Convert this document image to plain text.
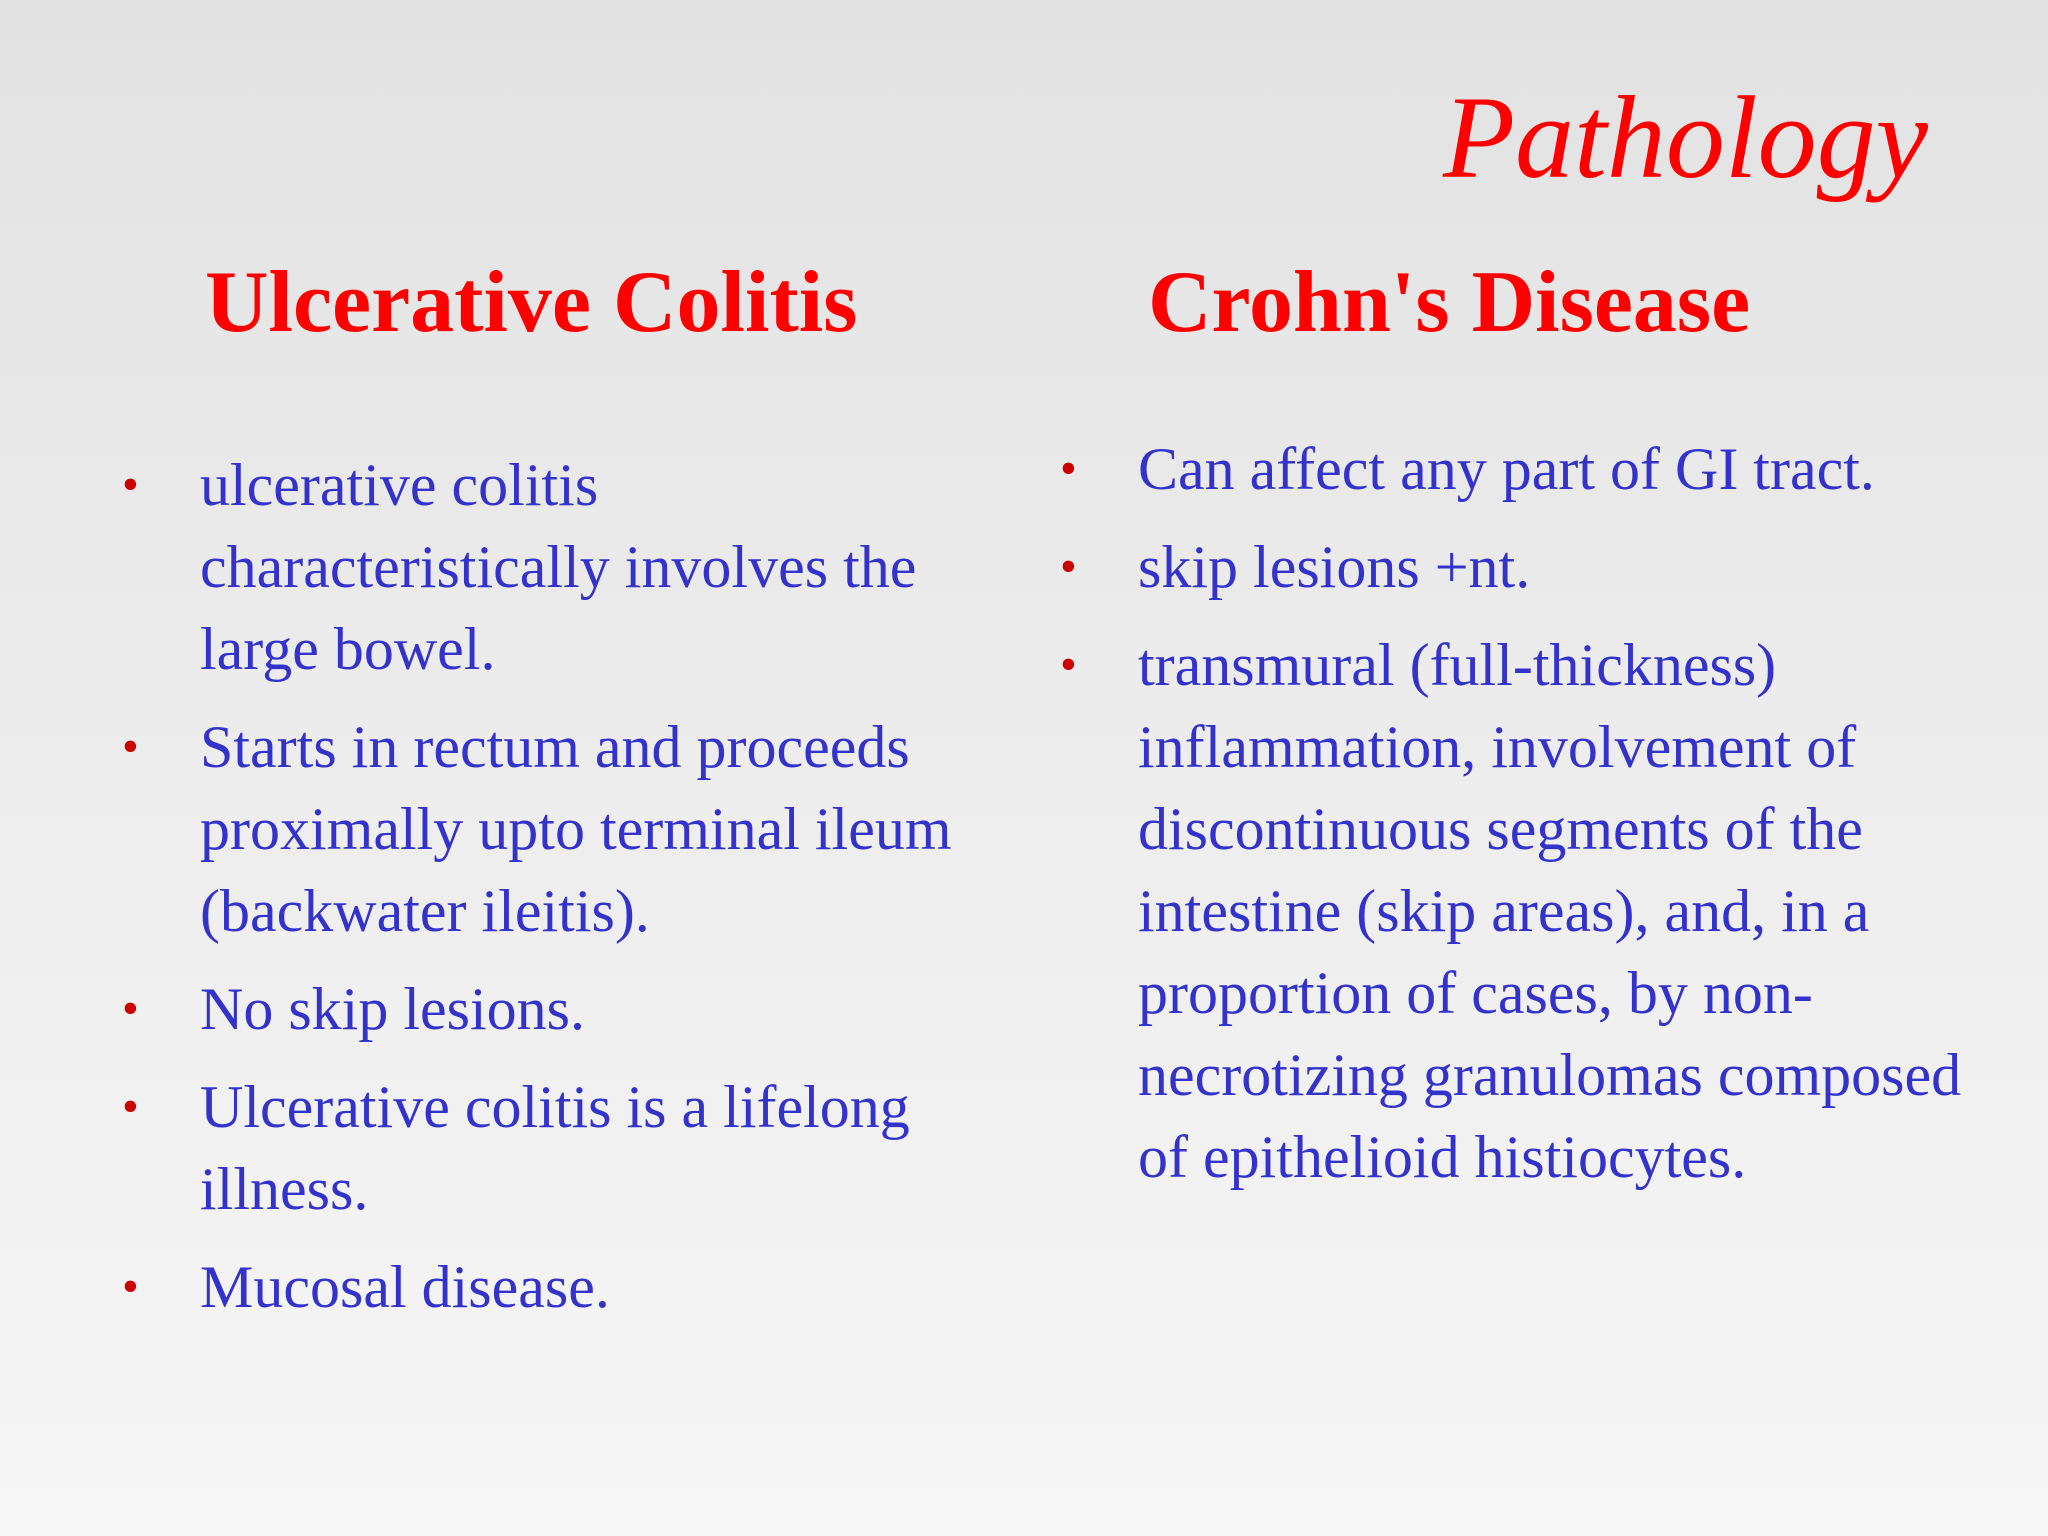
Pathology
Ulcerative Colitis
• ulcerative colitis characteristically involves the large bowel.
• Starts in rectum and proceeds proximally upto terminal ileum (backwater ileitis).
• No skip lesions.
• Ulcerative colitis is a lifelong illness.
• Mucosal disease.
Crohn's Disease
• Can affect any part of GI tract.
• skip lesions +nt.
• transmural (full-thickness) inflammation, involvement of discontinuous segments of the intestine (skip areas), and, in a proportion of cases, by non-necrotizing granulomas composed of epithelioid histiocytes.
